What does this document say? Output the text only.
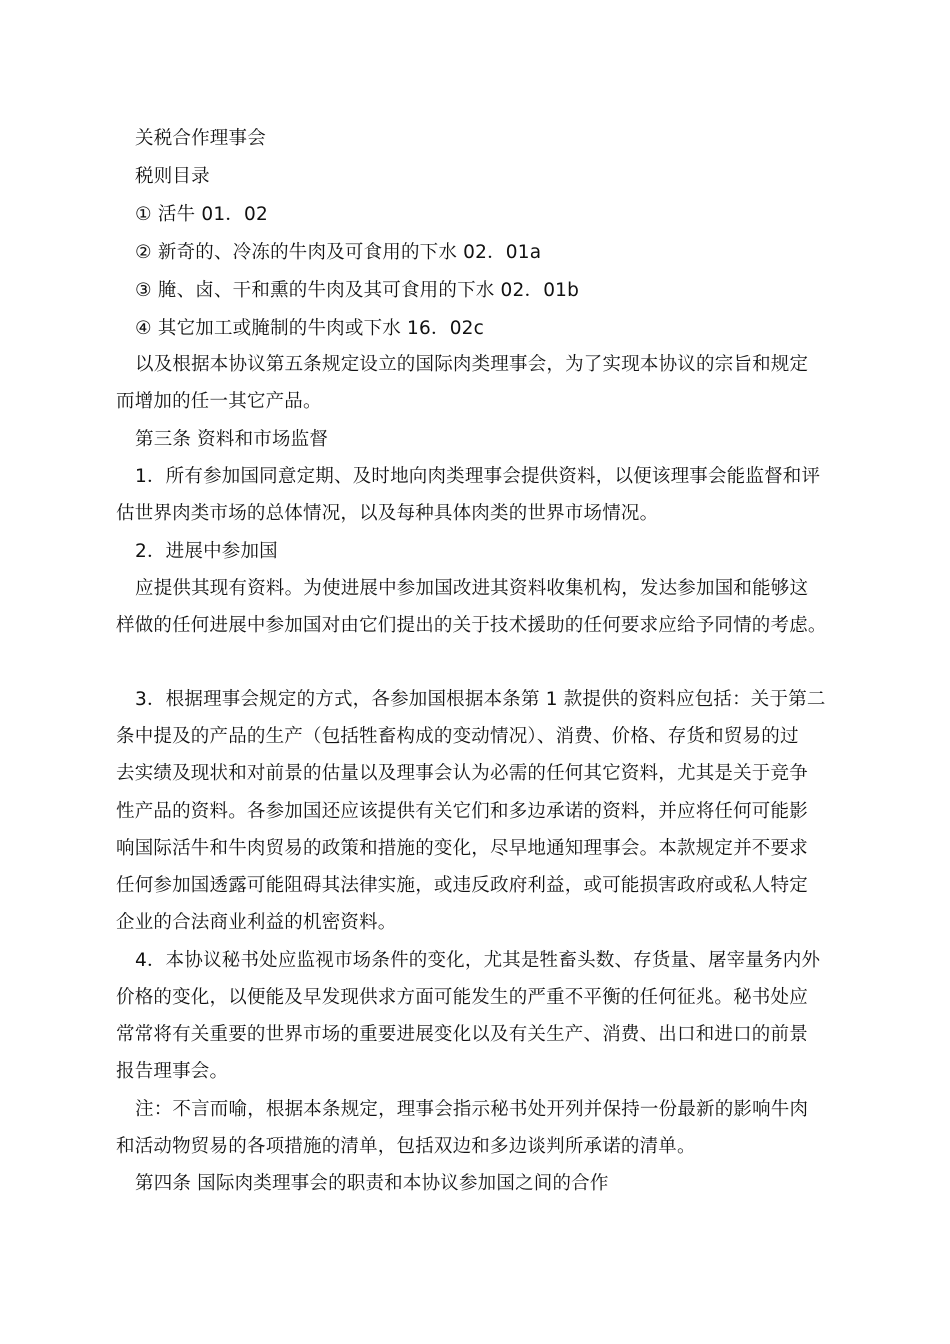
关税合作理事会
税则目录
① 活牛 01．02
② 新奇的、冷冻的牛肉及可食用的下水 02．01a
③ 腌、卤、干和熏的牛肉及其可食用的下水 02．01b
④ 其它加工或腌制的牛肉或下水 16．02c
以及根据本协议第五条规定设立的国际肉类理事会，为了实现本协议的宗旨和规定
而增加的任一其它产品。
第三条 资料和市场监督
1．所有参加国同意定期、及时地向肉类理事会提供资料，以便该理事会能监督和评
估世界肉类市场的总体情况，以及每种具体肉类的世界市场情况。
2．进展中参加国
应提供其现有资料。为使进展中参加国改进其资料收集机构，发达参加国和能够这
样做的任何进展中参加国对由它们提出的关于技术援助的任何要求应给予同情的考虑。
3．根据理事会规定的方式，各参加国根据本条第 1 款提供的资料应包括：关于第二
条中提及的产品的生产（包括牲畜构成的变动情况）、消费、价格、存货和贸易的过
去实绩及现状和对前景的估量以及理事会认为必需的任何其它资料，尤其是关于竞争
性产品的资料。各参加国还应该提供有关它们和多边承诺的资料，并应将任何可能影
响国际活牛和牛肉贸易的政策和措施的变化，尽早地通知理事会。本款规定并不要求
任何参加国透露可能阻碍其法律实施，或违反政府利益，或可能损害政府或私人特定
企业的合法商业利益的机密资料。
4．本协议秘书处应监视市场条件的变化，尤其是牲畜头数、存货量、屠宰量务内外
价格的变化，以便能及早发现供求方面可能发生的严重不平衡的任何征兆。秘书处应
常常将有关重要的世界市场的重要进展变化以及有关生产、消费、出口和进口的前景
报告理事会。
注：不言而喻，根据本条规定，理事会指示秘书处开列并保持一份最新的影响牛肉
和活动物贸易的各项措施的清单，包括双边和多边谈判所承诺的清单。
第四条 国际肉类理事会的职责和本协议参加国之间的合作
